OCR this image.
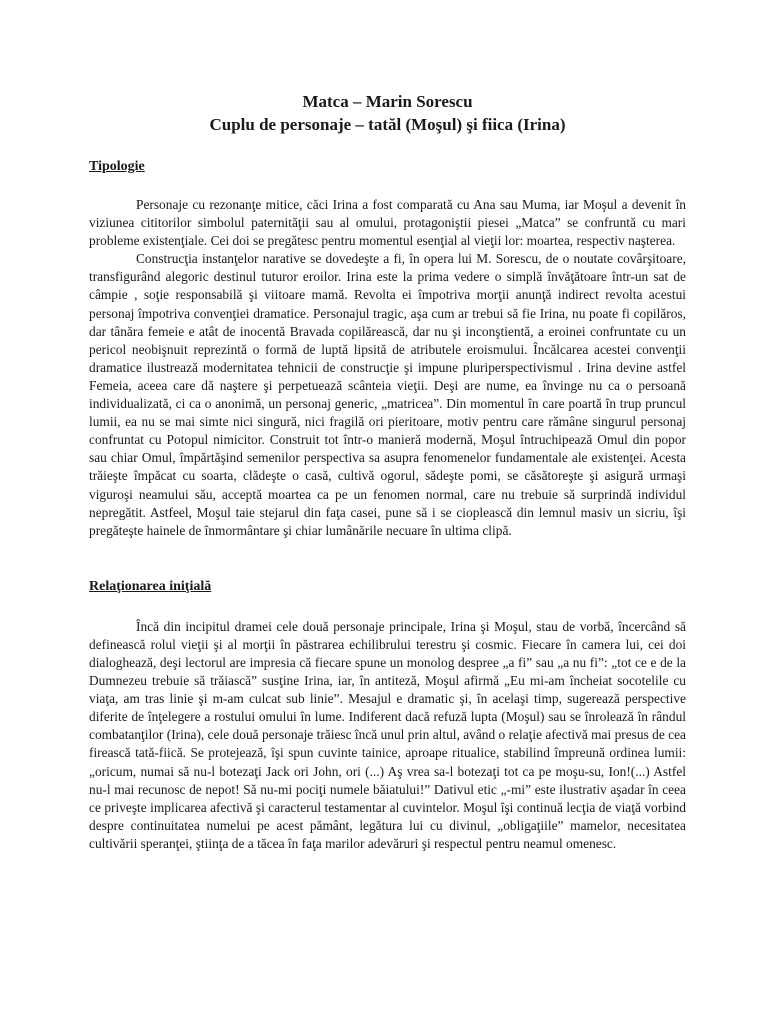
Matca – Marin Sorescu
Cuplu de personaje – tatăl (Moşul) şi fiica (Irina)
Tipologie

Personaje cu rezonanţe mitice, căci Irina a fost comparată cu Ana sau Muma, iar Moşul a devenit în viziunea cititorilor simbolul paternităţii sau al omului, protagoniştii piesei „Matca” se confruntă cu mari probleme existenţiale. Cei doi se pregătesc pentru momentul esenţial al vieţii lor: moartea, respectiv naşterea.

Construcţia instanţelor narative se dovedeşte a fi, în opera lui M. Sorescu, de o noutate covârşitoare, transfigurând alegoric destinul tuturor eroilor. Irina este la prima vedere o simplă învăţătoare într-un sat de câmpie , soţie responsabilă şi viitoare mamă. Revolta ei împotriva morţii anunţă indirect revolta acestui personaj împotriva convenţiei dramatice. Personajul tragic, aşa cum ar trebui să fie Irina, nu poate fi copilăros, dar tânăra femeie e atât de inocentă Bravada copilărească, dar nu şi inconştientă, a eroinei confruntate cu un pericol neobişnuit reprezintă o formă de luptă lipsită de atributele eroismului. Încălcarea acestei convenţii dramatice ilustrează modernitatea tehnicii de construcţie şi impune pluriperspectivismul . Irina devine astfel Femeia, aceea care dă naştere şi perpetuează scânteia vieţii. Deşi are nume, ea învinge nu ca o persoană individualizată, ci ca o anonimă, un personaj generic, „matricea”. Din momentul în care poartă în trup pruncul lumii, ea nu se mai simte nici singură, nici fragilă ori pieritoare, motiv pentru care rămâne singurul personaj confruntat cu Potopul nimicitor. Construit tot într-o manieră modernă, Moşul întruchipează Omul din popor sau chiar Omul, împărtăşind semenilor perspectiva sa asupra fenomenelor fundamentale ale existenţei. Acesta trăieşte împăcat cu soarta, clădeşte o casă, cultivă ogorul, sădeşte pomi, se căsătoreşte şi asigură urmaşi viguroşi neamului său, acceptă moartea ca pe un fenomen normal, care nu trebuie să surprindă individul nepregătit. Astfeel, Moşul taie stejarul din faţa casei, pune să i se cioplească din lemnul masiv un sicriu, îşi pregăteşte hainele de înmormântare şi chiar lumânările necuare în ultima clipă.

Relaţionarea iniţială

Încă din incipitul dramei cele două personaje principale, Irina şi Moşul, stau de vorbă, încercând să definească rolul vieţii şi al morţii în păstrarea echilibrului terestru şi cosmic. Fiecare în camera lui, cei doi dialoghează, deşi lectorul are impresia că fiecare spune un monolog despree „a fi” sau „a nu fi”: „tot ce e de la Dumnezeu trebuie să trăiască” susţine Irina, iar, în antiteză, Moşul afirmă „Eu mi-am încheiat socotelile cu viaţa, am tras linie şi m-am culcat sub linie”. Mesajul e dramatic şi, în acelaşi timp, sugerează perspective diferite de înţelegere a rostului omului în lume. Indiferent dacă refuză lupta (Moşul) sau se înrolează în rândul combatanţilor (Irina), cele două personaje trăiesc încă unul prin altul, având o relaţie afectivă mai presus de cea firească tată-fiică. Se protejează, îşi spun cuvinte tainice, aproape ritualice, stabilind împreună ordinea lumii: „oricum, numai să nu-l botezaţi Jack ori John, ori (...) Aş vrea sa-l botezaţi tot ca pe moşu-su, Ion!(...) Astfel nu-l mai recunosc de nepot! Să nu-mi pociţi numele băiatului!” Dativul etic „-mi” este ilustrativ aşadar în ceea ce priveşte implicarea afectivă şi caracterul testamentar al cuvintelor. Moşul îşi continuă lecţia de viaţă vorbind despre continuitatea numelui pe acest pământ, legătura lui cu divinul, „obligaţiile” mamelor, necesitatea cultivării speranţei, ştiinţa de a tăcea în faţa marilor adevăruri şi respectul pentru neamul omenesc.
